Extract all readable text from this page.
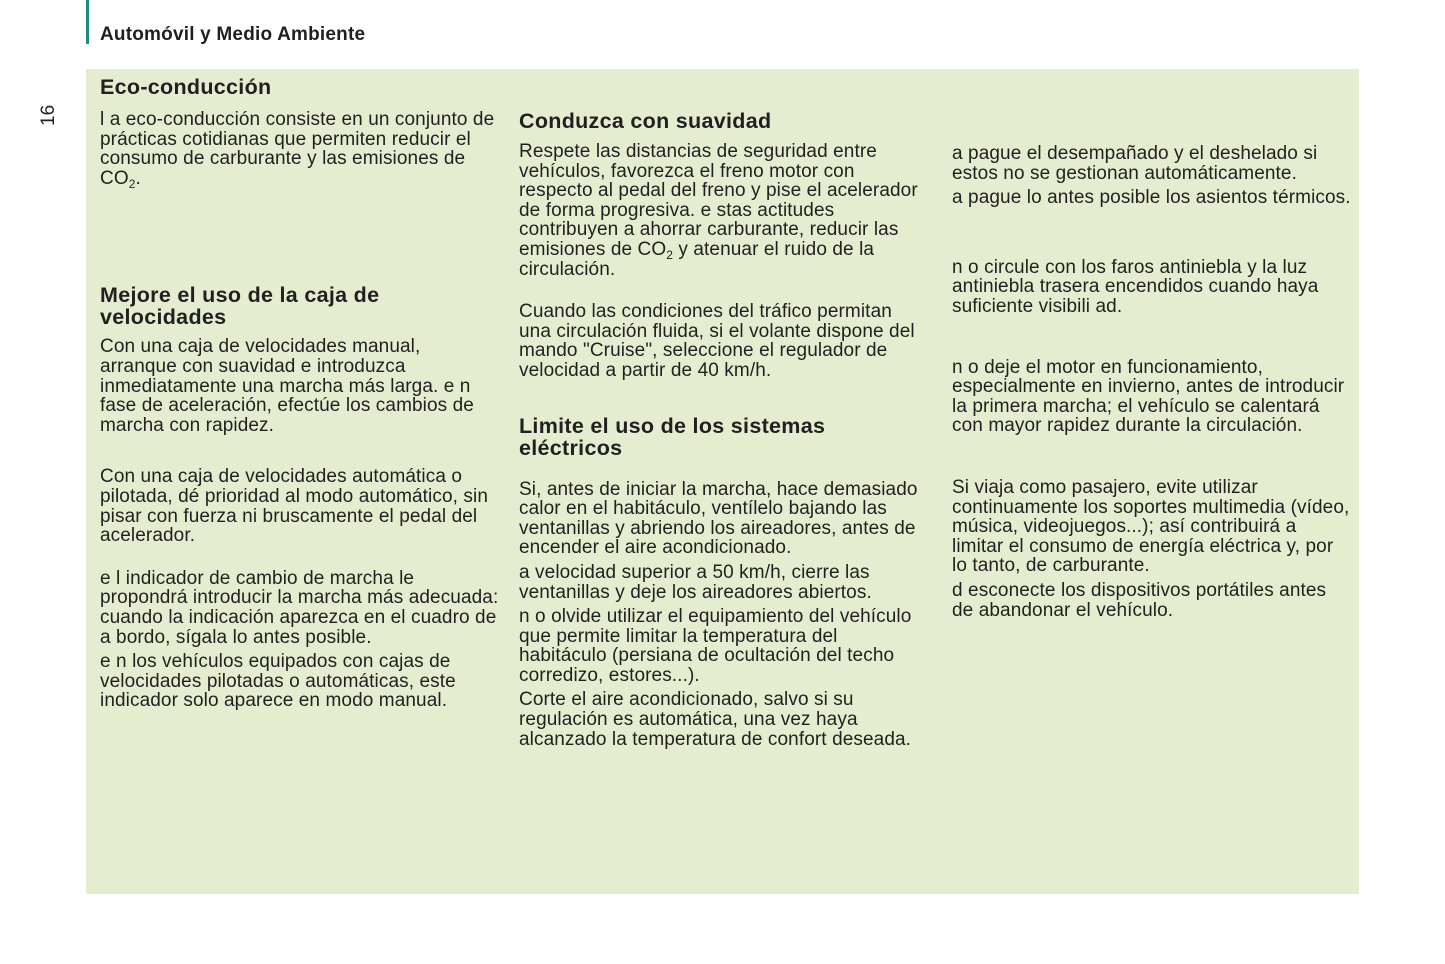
Automóvil y Medio Ambiente
16
Eco-conducción

l a eco-conducción consiste en un conjunto de prácticas cotidianas que permiten reducir el consumo de carburante y las emisiones de $CO_2$.

Mejore el uso de la caja de velocidades

Con una caja de velocidades manual, arranque con suavidad e introduzca inmediatamente una marcha más larga. e n fase de aceleración, efectúe los cambios de marcha con rapidez.

Con una caja de velocidades automática o pilotada, dé prioridad al modo automático, sin pisar con fuerza ni bruscamente el pedal del acelerador.

e l indicador de cambio de marcha le propondrá introducir la marcha más adecuada: cuando la indicación aparezca en el cuadro de a bordo, sígala lo antes posible.

e n los vehículos equipados con cajas de velocidades pilotadas o automáticas, este indicador solo aparece en modo manual.

Conduzca con suavidad

Respete las distancias de seguridad entre vehículos, favorezca el freno motor con respecto al pedal del freno y pise el acelerador de forma progresiva. e stas actitudes contribuyen a ahorrar carburante, reducir las emisiones de $CO_2$ y atenuar el ruido de la circulación.

Cuando las condiciones del tráfico permitan una circulación fluida, si el volante dispone del mando "Cruise", seleccione el regulador de velocidad a partir de 40 km/h.

Limite el uso de los sistemas eléctricos

Si, antes de iniciar la marcha, hace demasiado calor en el habitáculo, ventílelo bajando las ventanillas y abriendo los aireadores, antes de encender el aire acondicionado.

a velocidad superior a 50 km/h, cierre las ventanillas y deje los aireadores abiertos.

n o olvide utilizar el equipamiento del vehículo que permite limitar la temperatura del habitáculo (persiana de ocultación del techo corredizo, estores...).

Corte el aire acondicionado, salvo si su regulación es automática, una vez haya alcanzado la temperatura de confort deseada.

a pague el desempañado y el deshelado si estos no se gestionan automáticamente.

a pague lo antes posible los asientos térmicos.

n o circule con los faros antiniebla y la luz antiniebla trasera encendidos cuando haya suficiente visibili ad.

n o deje el motor en funcionamiento, especialmente en invierno, antes de introducir la primera marcha; el vehículo se calentará con mayor rapidez durante la circulación.

Si viaja como pasajero, evite utilizar continuamente los soportes multimedia (vídeo, música, videojuegos...); así contribuirá a limitar el consumo de energía eléctrica y, por lo tanto, de carburante.

d esconecte los dispositivos portátiles antes de abandonar el vehículo.
